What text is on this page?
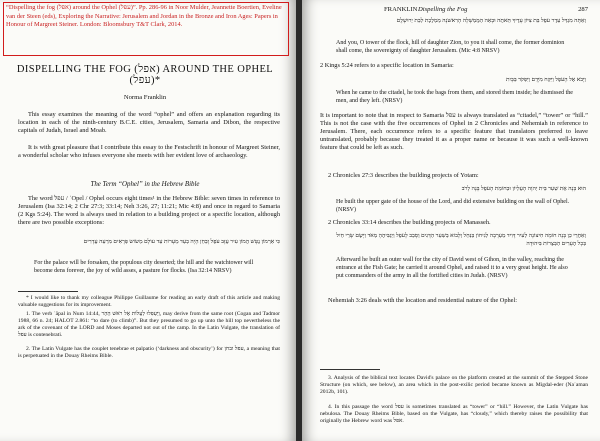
“Dispelling the fog (אפל) around the Ophel (עפל)”. Pp. 286-96 in Noor Mulder, Jeannette Boertien, Eveline van der Steen (eds), Exploring the Narrative: Jerusalem and Jordan in the Bronze and Iron Ages: Papers in Honour of Margreet Steiner. London: Bloomsbury T&T Clark, 2014.

DISPELLING THE FOG (אפל) AROUND THE OPHEL (עפל)*
Norma Franklin

This essay examines the meaning of the word “ophel” and offers an explanation regarding its location in each of the ninth-century B.C.E. cities, Jerusalem, Samaria and Dibon, the respective capitals of Judah, Israel and Moab.

It is with great pleasure that I contribute this essay to the Festschrift in honour of Margreet Steiner, a wonderful scholar who infuses everyone she meets with her evident love of archaeology.

The Term “Ophel” in the Hebrew Bible

The word עפל / ʿOpel / Ophel occurs eight times¹ in the Hebrew Bible: seven times in reference to Jerusalem (Isa 32:14; 2 Chr 27:3; 33:14; Neh 3:26, 27; 11:21; Mic 4:8) and once in regard to Samaria (2 Kgs 5:24). The word is always used in relation to a building project or a specific location, although there are two possible exceptions:

כִּי אַרְמוֹן נֻטָּשׁ הֲמוֹן עִיר עֻזָּב עֹפֶל וָבַחַן הָיָה בְעַד מְעָרוֹת עַד עוֹלָם מְשׂוֹשׂ פְּרָאִים מִרְעֵה עֲדָרִים

For the palace will be forsaken, the populous city deserted; the hill and the watchtower will become dens forever, the joy of wild asses, a pasture for flocks. (Isa 32:14 NRSV)

* I would like to thank my colleague Philippe Guillaume for reading an early draft of this article and making valuable suggestions for its improvement.

1. The verb ʿāpal in Num 14:44, וַיַּעְפִּלוּ לַעֲלוֹת אֶל רֹאשׁ הָהָר, may derive from the same root (Cogan and Tadmor 1988, 66 n. 24; HALOT 2.861: “to dare (to climb)”. But they presumed to go up unto the hill top nevertheless the ark of the covenant of the LORD and Moses departed not out of the camp. In the Latin Vulgate, the translation of עפל is contenebrati.

2. The Latin Vulgate has the couplet tenebrae et palpatio (‘darkness and obscurity’) for עפל ובחן, a meaning that is perpetuated in the Douay Rheims Bible.

FRANKLIN Dispelling the Fog	287

וְאַתָּה מִגְדַּל עֵדֶר עֹפֶל בַּת צִיּוֹן עָדֶיךָ תֵּאתֶה וּבָאָה הַמֶּמְשָׁלָה הָרִאשֹׁנָה מַמְלֶכֶת לְבַת יְרוּשָׁלִָם

And you, O tower of the flock, hill of daughter Zion, to you it shall come, the former dominion shall come, the sovereignty of daughter Jerusalem. (Mic 4:8 NRSV)

2 Kings 5:24 refers to a specific location in Samaria:

וַיָּבֹא אֶל הָעֹפֶל וַיִּקַּח מִיָּדָם וַיִּפְקֹד בַּבָּיִת

When he came to the citadel, he took the bags from them, and stored them inside; he dismissed the men, and they left. (NRSV)

It is important to note that in respect to Samaria עפל is always translated as “citadel,” “tower” or “hill.” This is not the case with the five occurrences of Ophel in 2 Chronicles and Nehemiah in reference to Jerusalem. There, each occurrence refers to a specific feature that translators preferred to leave untranslated, probably because they treated it as a proper name or because it was such a well-known feature that could be left as such.

2 Chronicles 27:3 describes the building projects of Yotam:

הוּא בָּנָה אֶת שַׁעַר בֵּית יְהוָה הָעֶלְיוֹן וּבְחוֹמַת הָעֹפֶל בָּנָה לָרֹב

He built the upper gate of the house of the Lord, and did extensive building on the wall of Ophel. (NRSV)

2 Chronicles 33:14 describes the building projects of Manasseh.

וְאַחֲרֵי כֵן בָּנָה חוֹמָה חִיצוֹנָה לְעִיר דָּוִיד מַעְרָבָה לְגִיחוֹן בַּנַּחַל וְלָבוֹא בְשַׁעַר הַדָּגִים וְסָבַב לָעֹפֶל וַיַּגְבִּיהֶהָ מְאֹד וַיָּשֶׂם שָׂרֵי חַיִל בְּכָל הֶעָרִים הַבְּצֻרוֹת בִּיהוּדָה

Afterward he built an outer wall for the city of David west of Gihon, in the valley, reaching the entrance at the Fish Gate; he carried it around Ophel, and raised it to a very great height. He also put commanders of the army in all the fortified cities in Judah. (NRSV)

Nehemiah 3:26 deals with the location and residential nature of the Ophel:

3. Analysis of the biblical text locates David's palace on the platform created at the summit of the Stepped Stone Structure (on which, see below), an area which in the post-exilic period became known as Migdal-eder (Naʾaman 2012b, 101).

4. In this passage the word עפל is sometimes translated as “tower” or “hill.” However, the Latin Vulgate has nebulosa. The Douay Rheims Bible, based on the Vulgate, has “cloudy,” which thereby raises the possibility that originally the Hebrew word was אפל.
